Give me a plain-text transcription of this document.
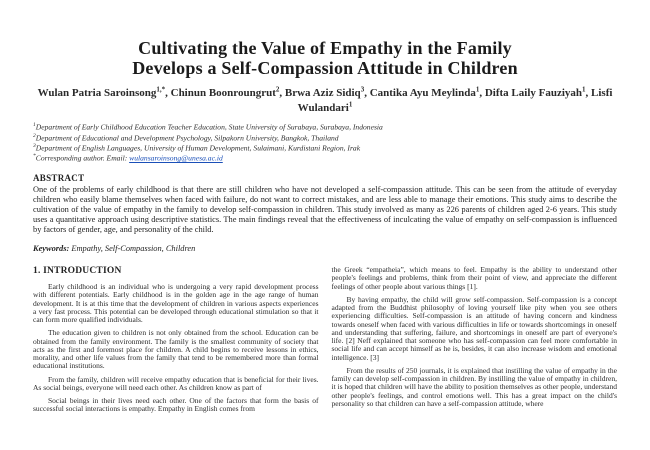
Cultivating the Value of Empathy in the Family
Develops a Self-Compassion Attitude in Children
Wulan Patria Saroinsong$^{1,*}$, Chinun Boonroungrut$^2$, Brwa Aziz Sidiq$^3$, Cantika Ayu Meylinda$^1$, Difta Laily Fauziyah$^1$, Lisfi Wulandari$^1$
$^1$Department of Early Childhood Education Teacher Education, State University of Surabaya, Surabaya, Indonesia
$^2$Department of Educational and Development Psychology, Silpakorn University, Bangkok, Thailand
$^3$Department of English Languages, University of Human Development, Sulaimani, Kurdistani Region, Irak
*Corresponding author. Email: wulansaroinsong@unesa.ac.id
ABSTRACT
One of the problems of early childhood is that there are still children who have not developed a self-compassion attitude. This can be seen from the attitude of everyday children who easily blame themselves when faced with failure, do not want to correct mistakes, and are less able to manage their emotions. This study aims to describe the cultivation of the value of empathy in the family to develop self-compassion in children. This study involved as many as 226 parents of children aged 2-6 years. This study uses a quantitative approach using descriptive statistics. The main findings reveal that the effectiveness of inculcating the value of empathy on self-compassion is influenced by factors of gender, age, and personality of the child.
Keywords: Empathy, Self-Compassion, Children
1. INTRODUCTION

Early childhood is an individual who is undergoing a very rapid development process with different potentials. Early childhood is in the golden age in the age range of human development. It is at this time that the development of children in various aspects experiences a very fast process. This potential can be developed through educational stimulation so that it can form more qualified individuals.

The education given to children is not only obtained from the school. Education can be obtained from the family environment. The family is the smallest community of society that acts as the first and foremost place for children. A child begins to receive lessons in ethics, morality, and other life values from the family that tend to be remembered more than formal educational institutions.

From the family, children will receive empathy education that is beneficial for their lives. As social beings, everyone will need each other. As children know as part of

Social beings in their lives need each other. One of the factors that form the basis of successful social interactions is empathy. Empathy in English comes from

the Greek “empatheia”, which means to feel. Empathy is the ability to understand other people's feelings and problems, think from their point of view, and appreciate the different feelings of other people about various things [1].

By having empathy, the child will grow self-compassion. Self-compassion is a concept adapted from the Buddhist philosophy of loving yourself like pity when you see others experiencing difficulties. Self-compassion is an attitude of having concern and kindness towards oneself when faced with various difficulties in life or towards shortcomings in oneself and understanding that suffering, failure, and shortcomings in oneself are part of everyone's life. [2] Neff explained that someone who has self-compassion can feel more comfortable in social life and can accept himself as he is, besides, it can also increase wisdom and emotional intelligence. [3]

From the results of 250 journals, it is explained that instilling the value of empathy in the family can develop self-compassion in children. By instilling the value of empathy in children, it is hoped that children will have the ability to position themselves as other people, understand other people's feelings, and control emotions well. This has a great impact on the child's personality so that children can have a self-compassion attitude, where
